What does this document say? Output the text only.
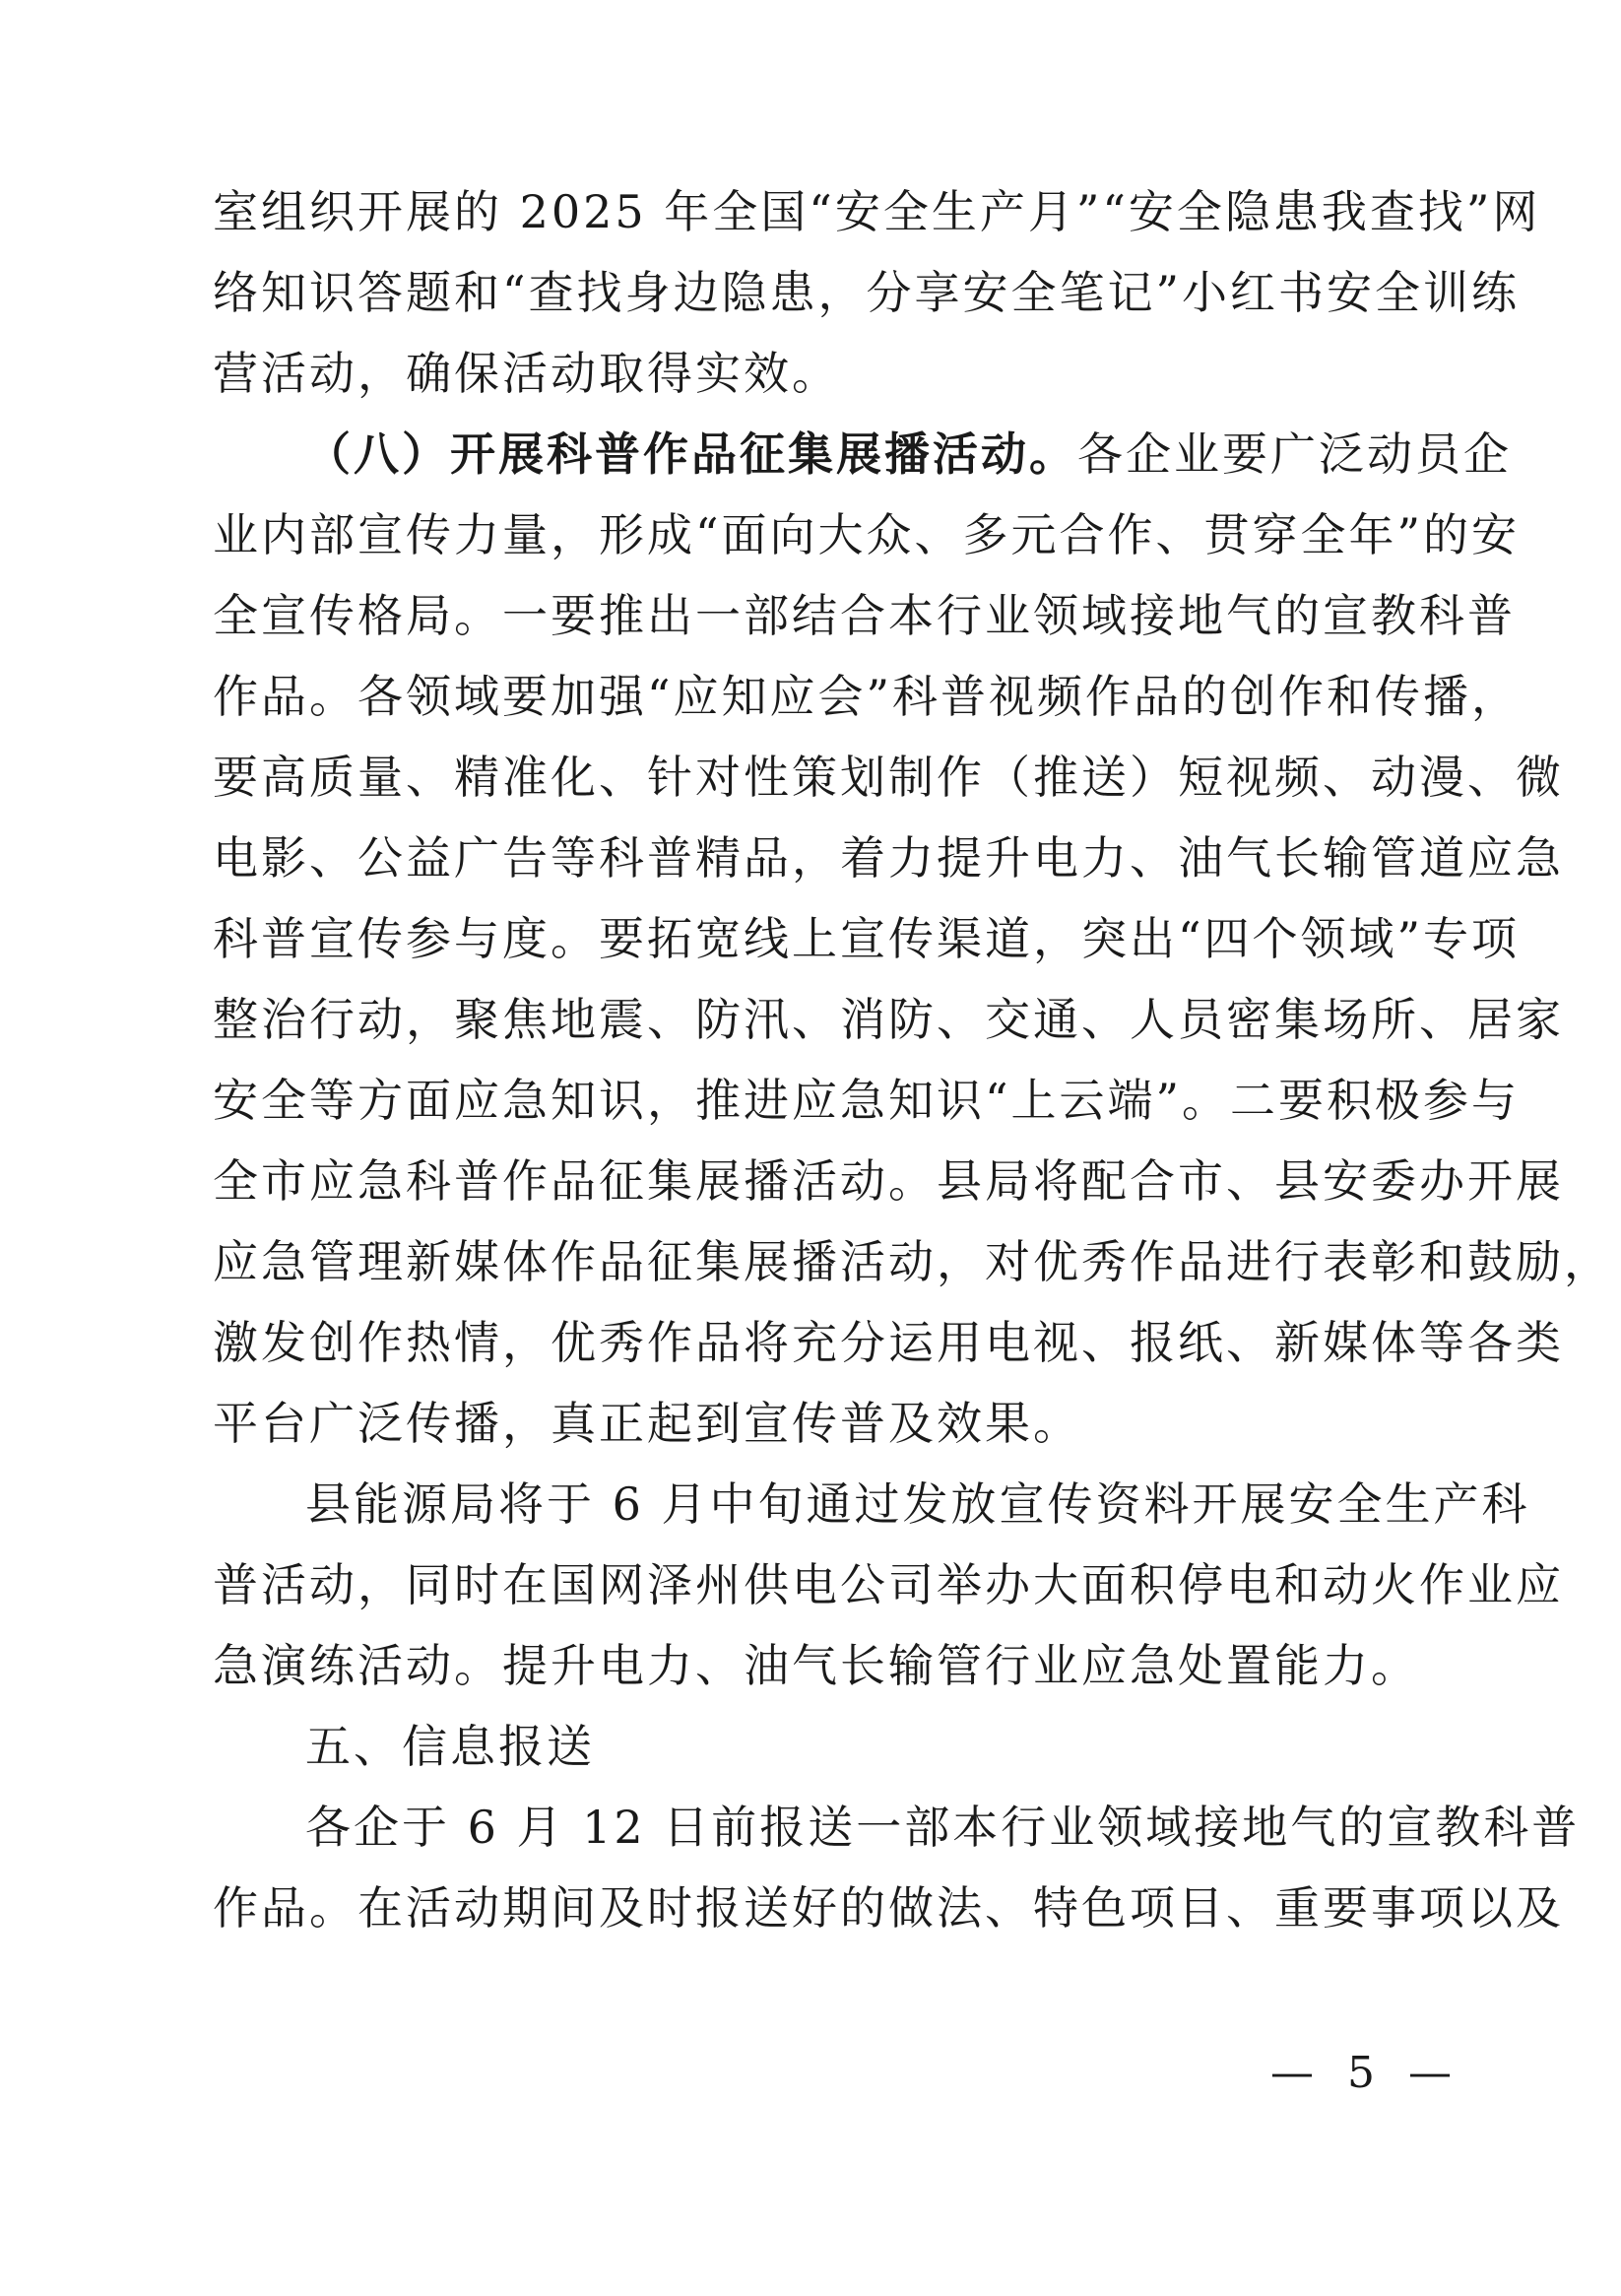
室组织开展的 2025 年全国“安全生产月”“安全隐患我查找”网
络知识答题和“查找身边隐患，分享安全笔记”小红书安全训练
营活动，确保活动取得实效。
（八）开展科普作品征集展播活动。各企业要广泛动员企
业内部宣传力量，形成“面向大众、多元合作、贯穿全年”的安
全宣传格局。一要推出一部结合本行业领域接地气的宣教科普
作品。各领域要加强“应知应会”科普视频作品的创作和传播，
要高质量、精准化、针对性策划制作（推送）短视频、动漫、微
电影、公益广告等科普精品，着力提升电力、油气长输管道应急
科普宣传参与度。要拓宽线上宣传渠道，突出“四个领域”专项
整治行动，聚焦地震、防汛、消防、交通、人员密集场所、居家
安全等方面应急知识，推进应急知识“上云端”。二要积极参与
全市应急科普作品征集展播活动。县局将配合市、县安委办开展
应急管理新媒体作品征集展播活动，对优秀作品进行表彰和鼓励，
激发创作热情，优秀作品将充分运用电视、报纸、新媒体等各类
平台广泛传播，真正起到宣传普及效果。
县能源局将于 6 月中旬通过发放宣传资料开展安全生产科
普活动，同时在国网泽州供电公司举办大面积停电和动火作业应
急演练活动。提升电力、油气长输管行业应急处置能力。
五、信息报送
各企于 6 月 12 日前报送一部本行业领域接地气的宣教科普
作品。在活动期间及时报送好的做法、特色项目、重要事项以及
— 5 —
